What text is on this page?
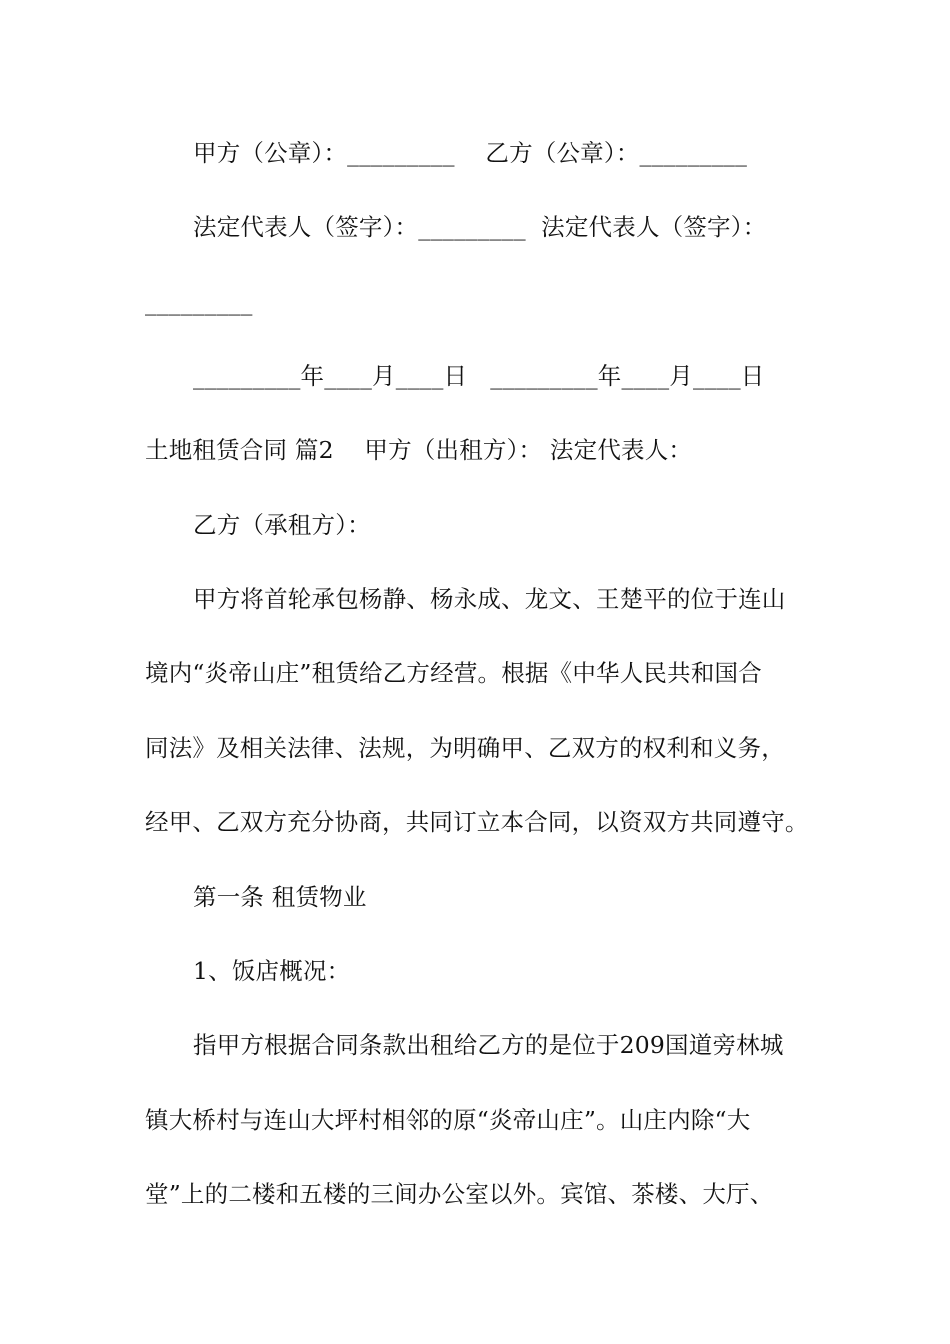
甲方（公章）：_________    乙方（公章）：_________
法定代表人（签字）：_________  法定代表人（签字）：
_________
_________年____月____日   _________年____月____日
土地租赁合同 篇2    甲方（出租方）： 法定代表人：
乙方（承租方）：
甲方将首轮承包杨静、杨永成、龙文、王楚平的位于连山
境内“炎帝山庄”租赁给乙方经营。根据《中华人民共和国合
同法》及相关法律、法规，为明确甲、乙双方的权利和义务，
经甲、乙双方充分协商，共同订立本合同，以资双方共同遵守。
第一条 租赁物业
1、饭店概况：
指甲方根据合同条款出租给乙方的是位于209国道旁林城
镇大桥村与连山大坪村相邻的原“炎帝山庄”。山庄内除“大
堂”上的二楼和五楼的三间办公室以外。宾馆、茶楼、大厅、
